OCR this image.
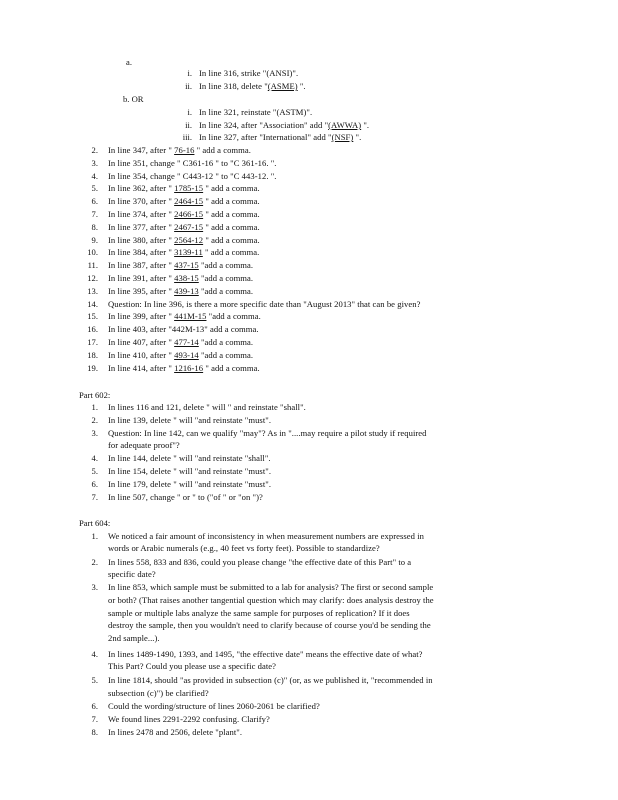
a.
i. In line 316, strike "(ANSI)".
ii. In line 318, delete "(ASME) ".
b. OR
i. In line 321, reinstate "(ASTM)".
ii. In line 324, after "Association" add "(AWWA) ".
iii. In line 327, after "International" add "(NSF) ".
2. In line 347, after " 76-16 " add a comma.
3. In line 351, change " C361-16 " to "C 361-16. ".
4. In line 354, change " C443-12 " to "C 443-12. ".
5. In line 362, after " 1785-15 " add a comma.
6. In line 370, after " 2464-15 " add a comma.
7. In line 374, after " 2466-15 " add a comma.
8. In line 377, after " 2467-15 " add a comma.
9. In line 380, after " 2564-12 " add a comma.
10. In line 384, after " 3139-11 " add a comma.
11. In line 387, after " 437-15 "add a comma.
12. In line 391, after " 438-15 "add a comma.
13. In line 395, after " 439-13 "add a comma.
14. Question: In line 396, is there a more specific date than "August 2013" that can be given?
15. In line 399, after " 441M-15 "add a comma.
16. In line 403, after "442M-13" add a comma.
17. In line 407, after " 477-14 "add a comma.
18. In line 410, after " 493-14 "add a comma.
19. In line 414, after " 1216-16 " add a comma.
Part 602:
1. In lines 116 and 121, delete " will " and reinstate "shall".
2. In line 139, delete " will "and reinstate "must".
3. Question: In line 142, can we qualify "may"? As in "....may require a pilot study if required
for adequate proof"?
4. In line 144, delete " will "and reinstate "shall".
5. In line 154, delete " will "and reinstate "must".
6. In line 179, delete " will "and reinstate "must".
7. In line 507, change " or " to ("of " or "on ")?
Part 604:
1. We noticed a fair amount of inconsistency in when measurement numbers are expressed in
words or Arabic numerals (e.g., 40 feet vs forty feet). Possible to standardize?
2. In lines 558, 833 and 836, could you please change "the effective date of this Part" to a
specific date?
3. In line 853, which sample must be submitted to a lab for analysis? The first or second sample
or both? (That raises another tangential question which may clarify: does analysis destroy the
sample or multiple labs analyze the same sample for purposes of replication? If it does
destroy the sample, then you wouldn't need to clarify because of course you'd be sending the
2nd sample...).
4. In lines 1489-1490, 1393, and 1495, "the effective date" means the effective date of what?
This Part? Could you please use a specific date?
5. In line 1814, should "as provided in subsection (c)" (or, as we published it, "recommended in
subsection (c)") be clarified?
6. Could the wording/structure of lines 2060-2061 be clarified?
7. We found lines 2291-2292 confusing. Clarify?
8. In lines 2478 and 2506, delete "plant".
